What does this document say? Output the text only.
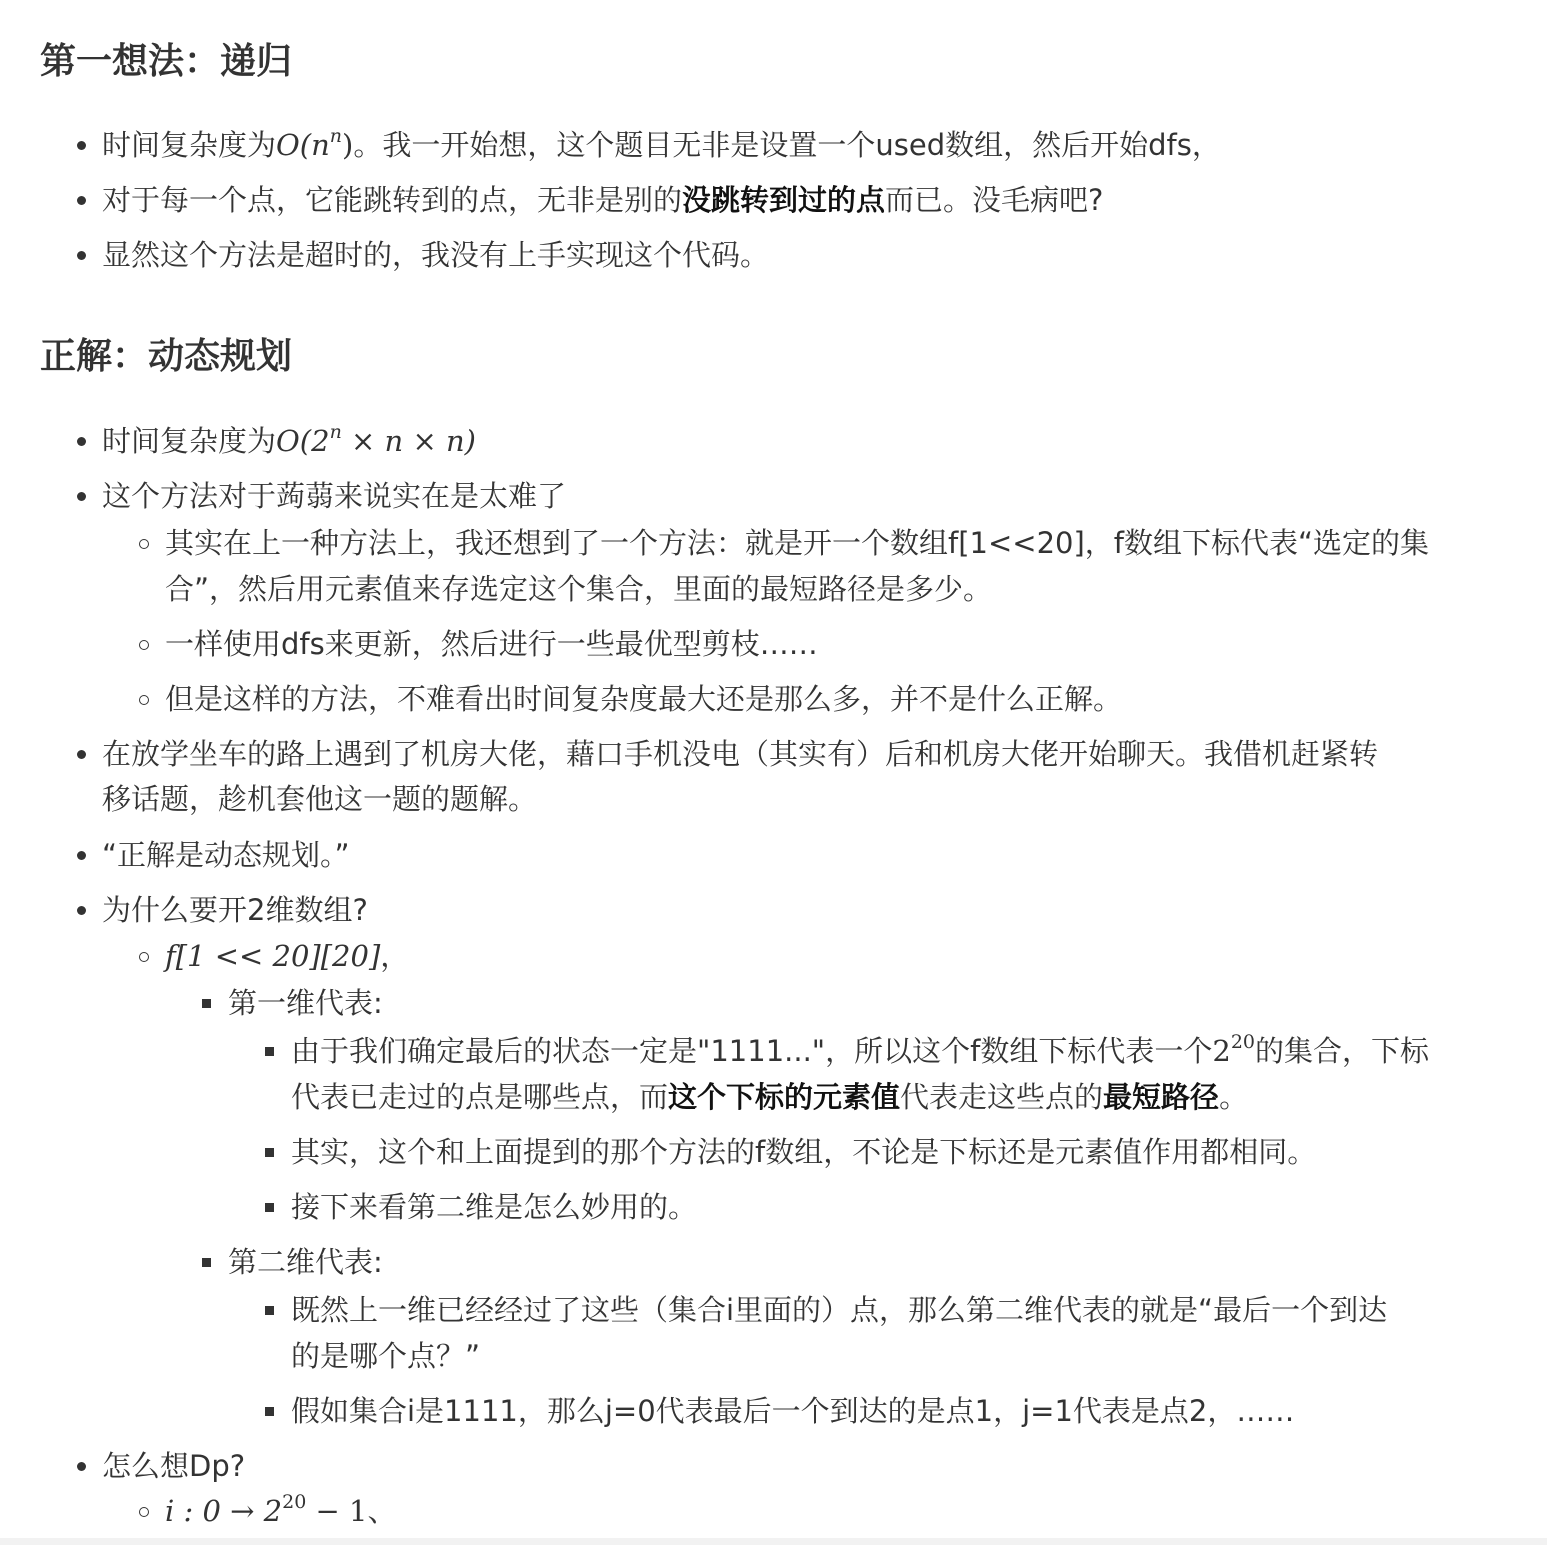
第一想法：递归
时间复杂度为$O(n^n)$。我一开始想，这个题目无非是设置一个used数组，然后开始dfs，
对于每一个点，它能跳转到的点，无非是别的没跳转到过的点而已。没毛病吧?
显然这个方法是超时的，我没有上手实现这个代码。
正解：动态规划
时间复杂度为$O(2^n \times n \times n)$
这个方法对于蒟蒻来说实在是太难了
其实在上一种方法上，我还想到了一个方法：就是开一个数组f[1<<20]，f数组下标代表“选定的集
合”，然后用元素值来存选定这个集合，里面的最短路径是多少。
一样使用dfs来更新，然后进行一些最优型剪枝……
但是这样的方法，不难看出时间复杂度最大还是那么多，并不是什么正解。
在放学坐车的路上遇到了机房大佬，藉口手机没电（其实有）后和机房大佬开始聊天。我借机赶紧转
移话题，趁机套他这一题的题解。
“正解是动态规划。”
为什么要开2维数组?
f[1 << 20][20]，
第一维代表:
由于我们确定最后的状态一定是"1111..."，所以这个f数组下标代表一个$2^{20}$的集合，下标
代表已走过的点是哪些点，而这个下标的元素值代表走这些点的最短路径。
其实，这个和上面提到的那个方法的f数组，不论是下标还是元素值作用都相同。
接下来看第二维是怎么妙用的。
第二维代表:
既然上一维已经经过了这些（集合i里面的）点，那么第二维代表的就是“最后一个到达
的是哪个点？”
假如集合i是1111，那么j=0代表最后一个到达的是点1，j=1代表是点2，……
怎么想Dp?
i : $0 \to 2^{20} - 1$、
